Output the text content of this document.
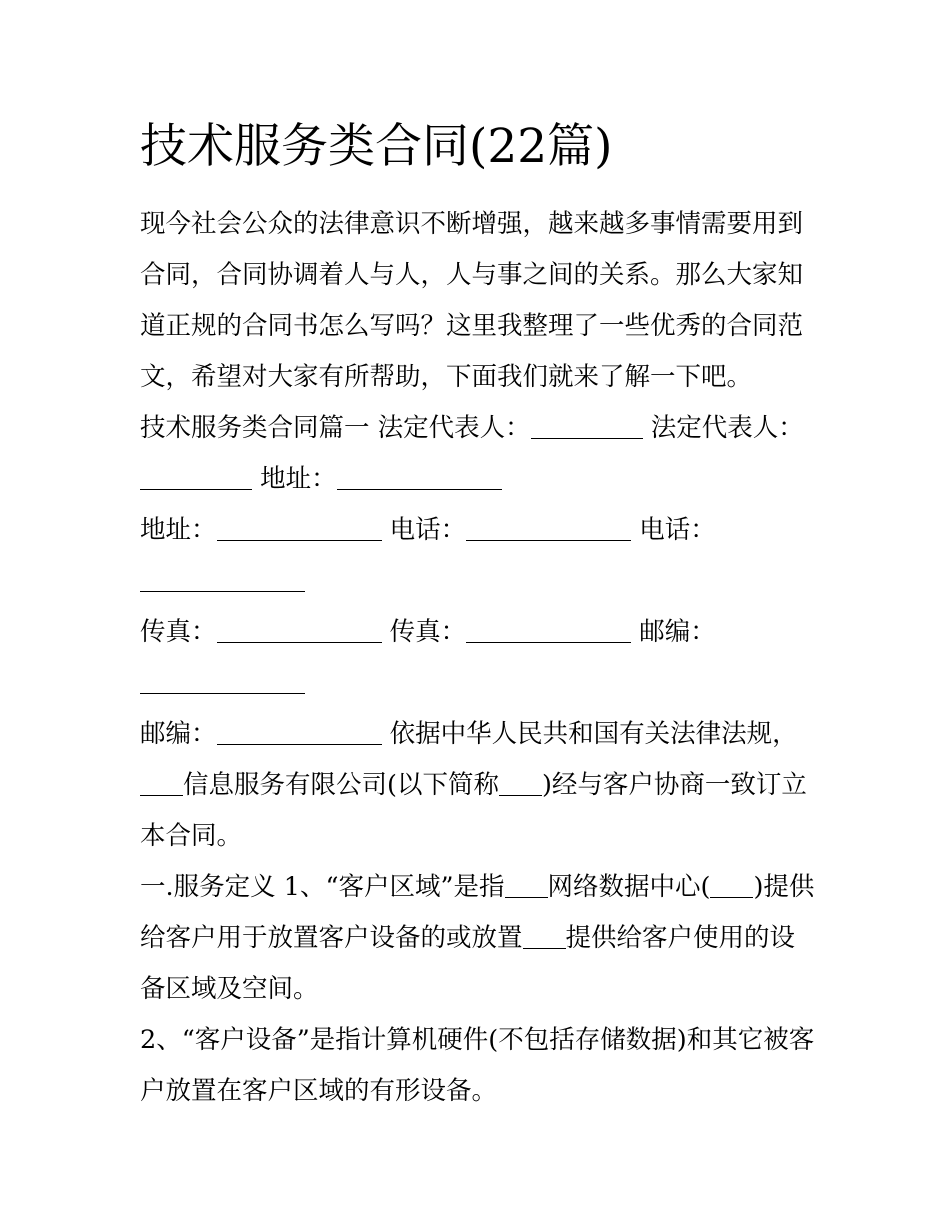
技术服务类合同(22篇)

现今社会公众的法律意识不断增强，越来越多事情需要用到合同，合同协调着人与人，人与事之间的关系。那么大家知道正规的合同书怎么写吗？这里我整理了一些优秀的合同范文，希望对大家有所帮助，下面我们就来了解一下吧。

技术服务类合同篇一 法定代表人：	法定代表人：
地址：

地址：	电话：	电话：

传真：	传真：	邮编：

邮编：	依据中华人民共和国有关法律法规，信息服务有限公司(以下简称 )经与客户协商一致订立本合同。

一.服务定义 1、“客户区域”是指 网络数据中心( )提供给客户用于放置客户设备的或放置 提供给客户使用的设备区域及空间。

2、“客户设备”是指计算机硬件(不包括存储数据)和其它被客户放置在客户区域的有形设备。
